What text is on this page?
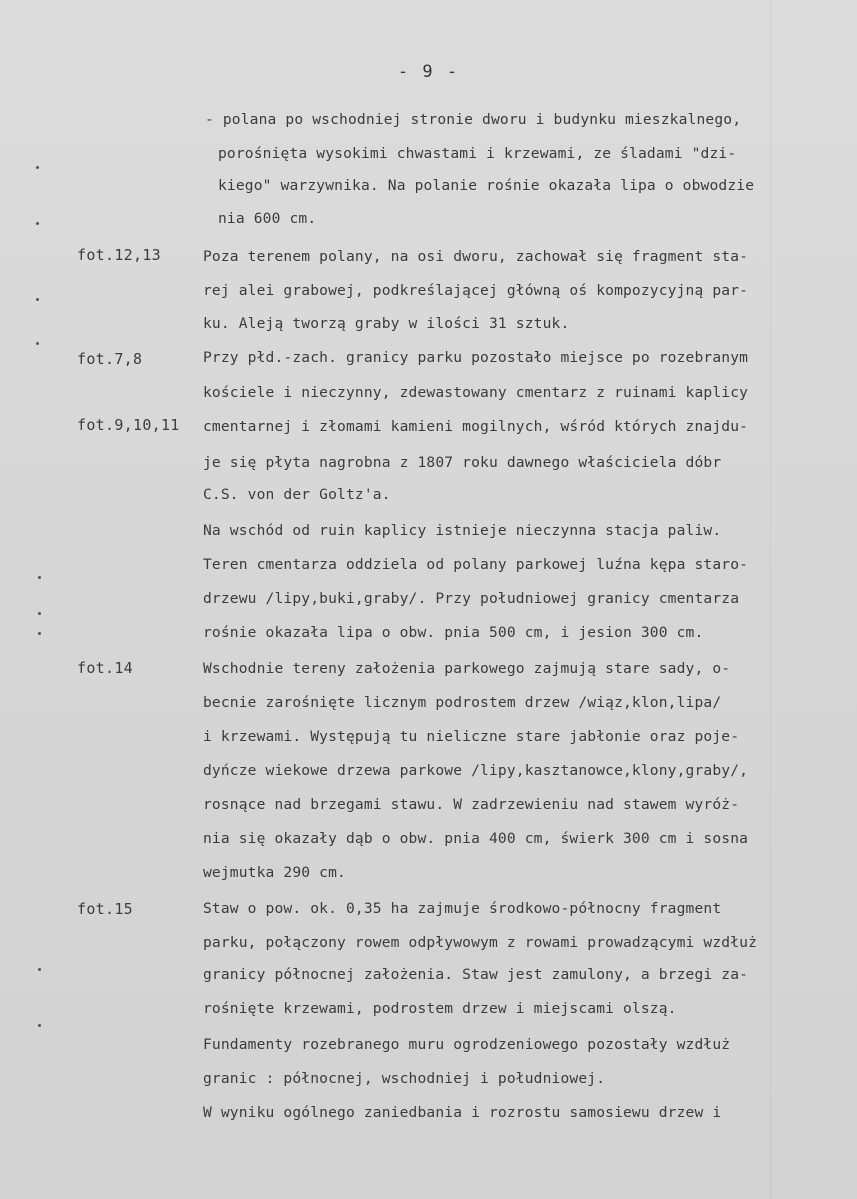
- 9 -
fot.12,13
fot.7,8
fot.9,10,11
fot.14
fot.15
- polana po wschodniej stronie dworu i budynku mieszkalnego,
porośnięta wysokimi chwastami i krzewami, ze śladami "dzi-
kiego" warzywnika. Na polanie rośnie okazała lipa o obwodzie
nia 600 cm.
Poza terenem polany, na osi dworu, zachował się fragment sta-
rej alei grabowej, podkreślającej główną oś kompozycyjną par-
ku. Aleją tworzą graby w ilości 31 sztuk.
Przy płd.-zach. granicy parku pozostało miejsce po rozebranym
kościele i nieczynny, zdewastowany cmentarz z ruinami kaplicy
cmentarnej i złomami kamieni mogilnych, wśród których znajdu-
je się płyta nagrobna z 1807 roku dawnego właściciela dóbr
C.S. von der Goltz'a.
Na wschód od ruin kaplicy istnieje nieczynna stacja paliw.
Teren cmentarza oddziela od polany parkowej luźna kępa staro-
drzewu /lipy,buki,graby/. Przy południowej granicy cmentarza
rośnie okazała lipa o obw. pnia 500 cm, i jesion 300 cm.
Wschodnie tereny założenia parkowego zajmują stare sady, o-
becnie zarośnięte licznym podrostem drzew /wiąz,klon,lipa/
i krzewami. Występują tu nieliczne stare jabłonie oraz poje-
dyńcze wiekowe drzewa parkowe /lipy,kasztanowce,klony,graby/,
rosnące nad brzegami stawu. W zadrzewieniu nad stawem wyróż-
nia się okazały dąb o obw. pnia 400 cm, świerk 300 cm i sosna
wejmutka 290 cm.
Staw o pow. ok. 0,35 ha zajmuje środkowo-północny fragment
parku, połączony rowem odpływowym z rowami prowadzącymi wzdłuż
granicy północnej założenia. Staw jest zamulony, a brzegi za-
rośnięte krzewami, podrostem drzew i miejscami olszą.
Fundamenty rozebranego muru ogrodzeniowego pozostały wzdłuż
granic : północnej, wschodniej i południowej.
W wyniku ogólnego zaniedbania i rozrostu samosiewu drzew i
